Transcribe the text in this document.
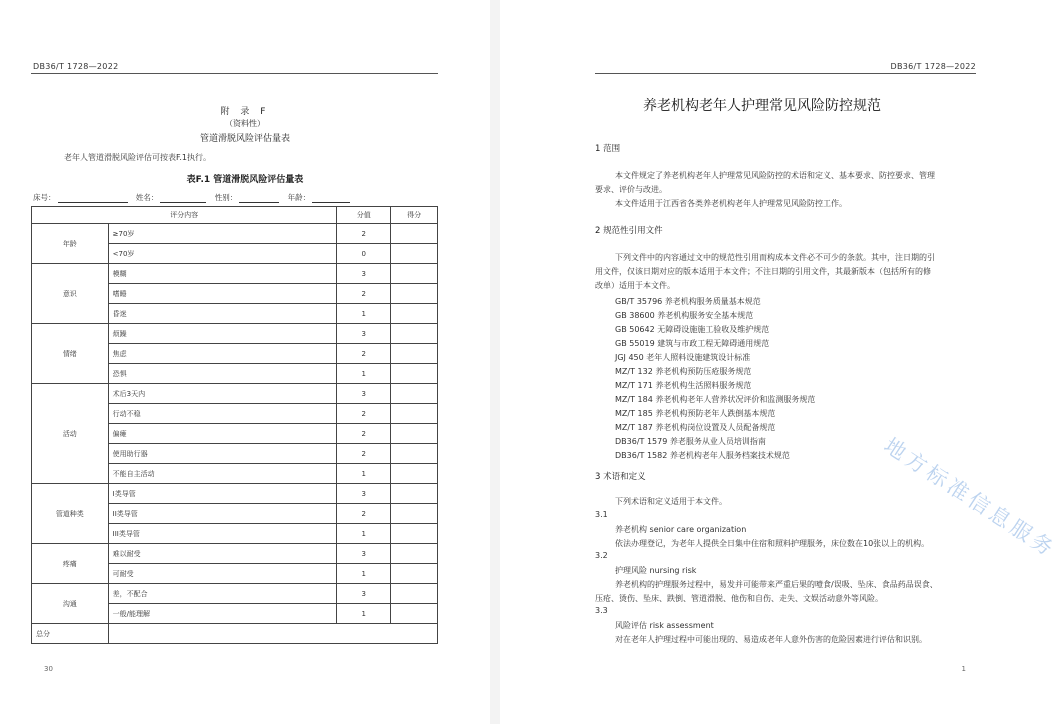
DB36/T 1728—2022
附 录 F
（资料性）
管道滑脱风险评估量表
老年人管道滑脱风险评估可按表F.1执行。
表F.1 管道滑脱风险评估量表
床号：	姓名：	性别：	年龄：
评分内容		分值	得分
年龄	≥70岁	2	
	<70岁	0	
意识	模糊	3	
	嗜睡	2	
	昏迷	1	
情绪	烦躁	3	
	焦虑	2	
	恐惧	1	
活动	术后3天内	3	
	行动不稳	2	
	偏瘫	2	
	使用助行器	2	
	不能自主活动	1	
管道种类	I类导管	3	
	II类导管	2	
	III类导管	1	
疼痛	难以耐受	3	
	可耐受	1	
沟通	差，不配合	3	
	一般/能理解	1	
总分			
30
DB36/T 1728—2022
养老机构老年人护理常见风险防控规范
1 范围
本文件规定了养老机构老年人护理常见风险防控的术语和定义、基本要求、防控要求、管理
要求、评价与改进。
本文件适用于江西省各类养老机构老年人护理常见风险防控工作。
2 规范性引用文件
下列文件中的内容通过文中的规范性引用而构成本文件必不可少的条款。其中，注日期的引
用文件，仅该日期对应的版本适用于本文件；不注日期的引用文件，其最新版本（包括所有的修
改单）适用于本文件。
GB/T 35796 养老机构服务质量基本规范
GB 38600 养老机构服务安全基本规范
GB 50642 无障碍设施施工验收及维护规范
GB 55019 建筑与市政工程无障碍通用规范
JGJ 450 老年人照料设施建筑设计标准
MZ/T 132 养老机构预防压疮服务规范
MZ/T 171 养老机构生活照料服务规范
MZ/T 184 养老机构老年人营养状况评价和监测服务规范
MZ/T 185 养老机构预防老年人跌倒基本规范
MZ/T 187 养老机构岗位设置及人员配备规范
DB36/T 1579 养老服务从业人员培训指南
DB36/T 1582 养老机构老年人服务档案技术规范
3 术语和定义
下列术语和定义适用于本文件。
3.1
养老机构 senior care organization
依法办理登记，为老年人提供全日集中住宿和照料护理服务，床位数在10张以上的机构。
3.2
护理风险 nursing risk
养老机构的护理服务过程中，易发并可能带来严重后果的噎食/误吸、坠床、食品药品误食、
压疮、烫伤、坠床、跌倒、管道滑脱、他伤和自伤、走失、文娱活动意外等风险。
3.3
风险评估 risk assessment
对在老年人护理过程中可能出现的、易造成老年人意外伤害的危险因素进行评估和识别。
地方标准信息服务
1
